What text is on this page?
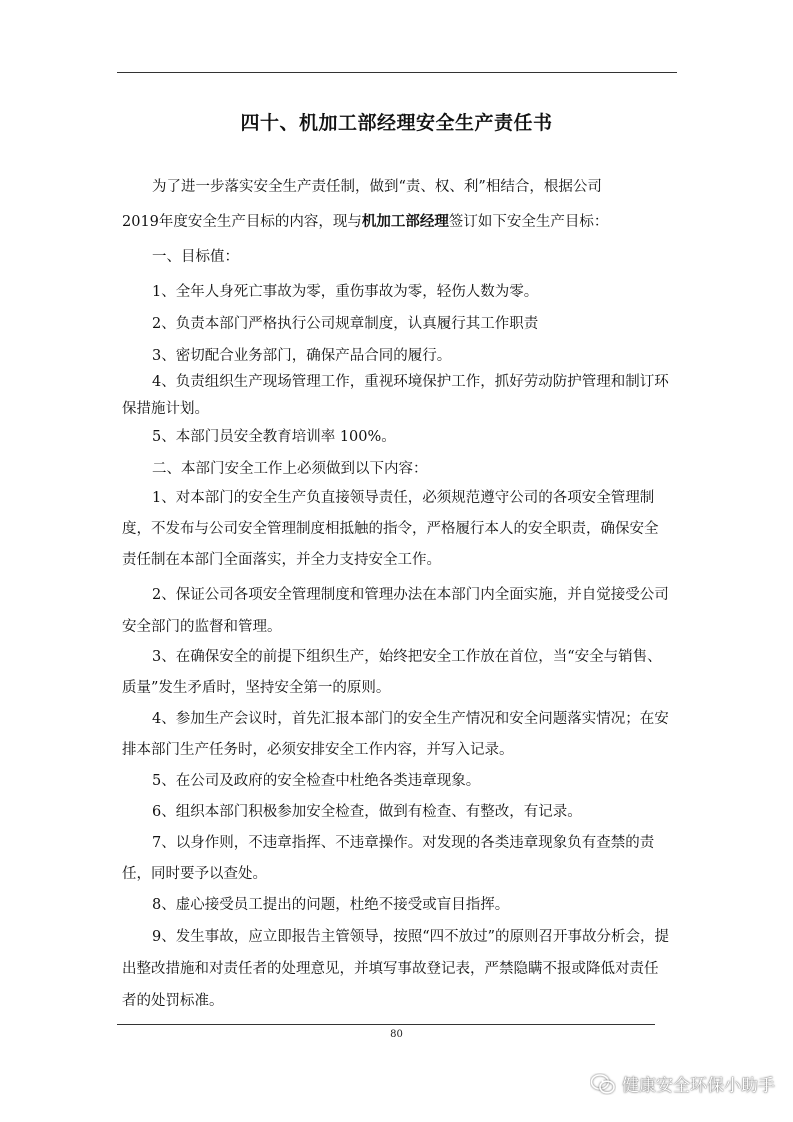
四十、机加工部经理安全生产责任书
为了进一步落实安全生产责任制，做到“责、权、利”相结合，根据公司
2019年度安全生产目标的内容，现与机加工部经理签订如下安全生产目标：
一、目标值：
1、全年人身死亡事故为零，重伤事故为零，轻伤人数为零。
2、负责本部门严格执行公司规章制度，认真履行其工作职责
3、密切配合业务部门，确保产品合同的履行。
4、负责组织生产现场管理工作，重视环境保护工作，抓好劳动防护管理和制订环保措施计划。
5、本部门员安全教育培训率 100%。
二、本部门安全工作上必须做到以下内容：
1、对本部门的安全生产负直接领导责任，必须规范遵守公司的各项安全管理制度，不发布与公司安全管理制度相抵触的指令，严格履行本人的安全职责，确保安全责任制在本部门全面落实，并全力支持安全工作。
2、保证公司各项安全管理制度和管理办法在本部门内全面实施，并自觉接受公司安全部门的监督和管理。
3、在确保安全的前提下组织生产，始终把安全工作放在首位，当“安全与销售、质量”发生矛盾时，坚持安全第一的原则。
4、参加生产会议时，首先汇报本部门的安全生产情况和安全问题落实情况；在安排本部门生产任务时，必须安排安全工作内容，并写入记录。
5、在公司及政府的安全检查中杜绝各类违章现象。
6、组织本部门积极参加安全检查，做到有检查、有整改，有记录。
7、以身作则，不违章指挥、不违章操作。对发现的各类违章现象负有查禁的责任，同时要予以查处。
8、虚心接受员工提出的问题，杜绝不接受或盲目指挥。
9、发生事故，应立即报告主管领导，按照“四不放过”的原则召开事故分析会，提出整改措施和对责任者的处理意见，并填写事故登记表，严禁隐瞒不报或降低对责任者的处罚标准。
80
健康安全环保小助手
